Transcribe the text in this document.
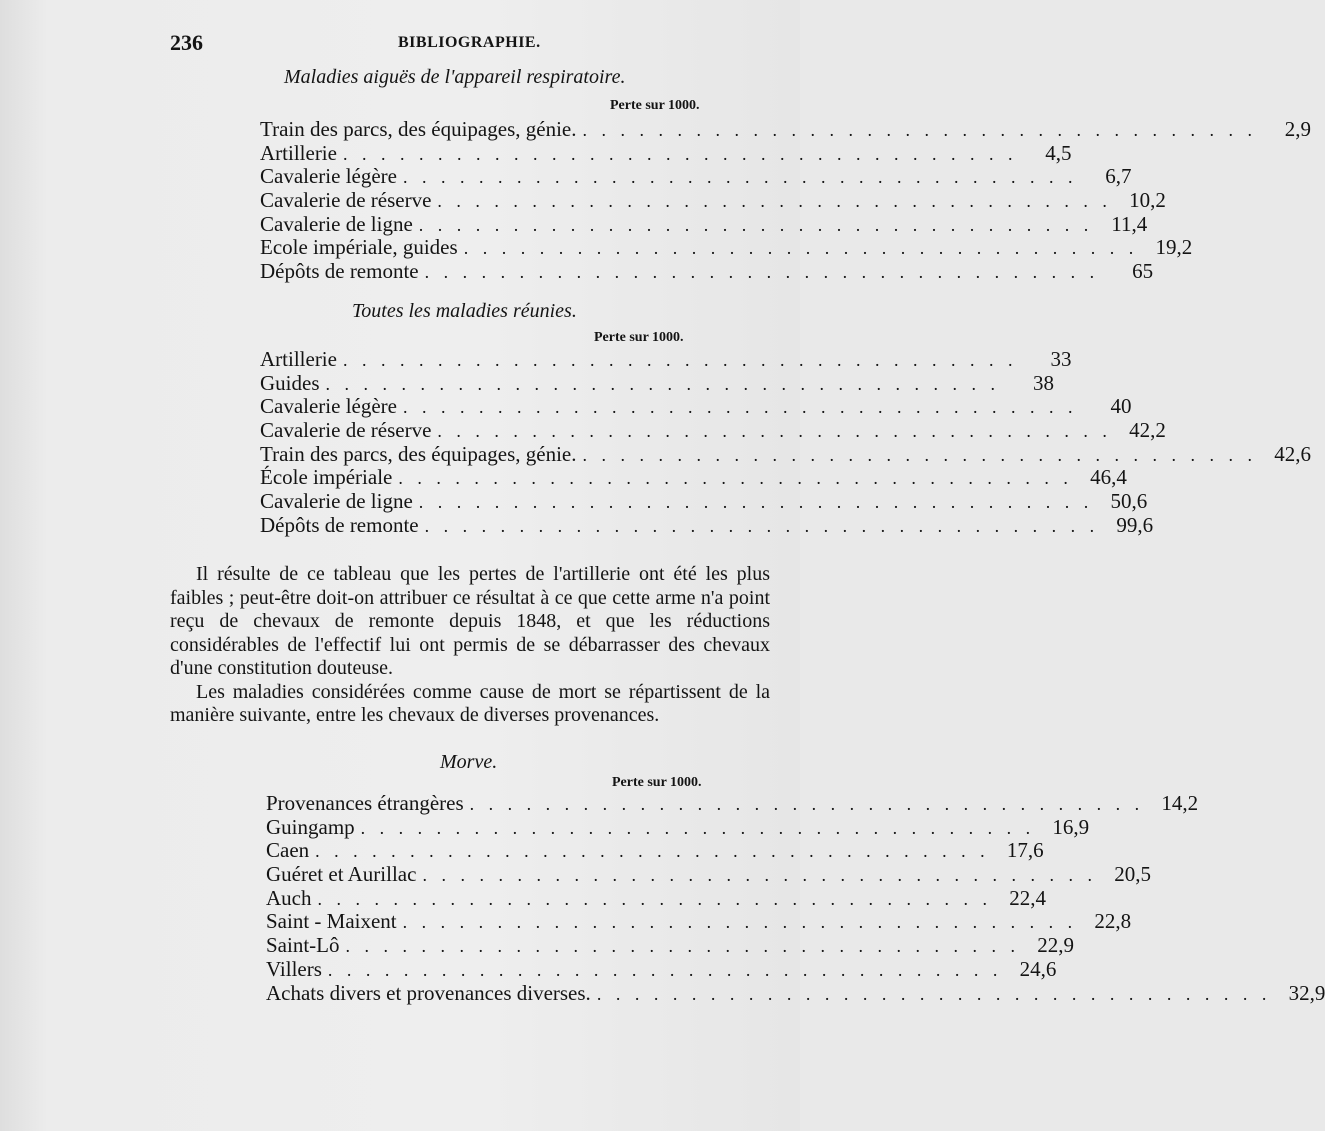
236	BIBLIOGRAPHIE.
Maladies aiguës de l'appareil respiratoire.
Perte sur 1000.
Train des parcs, des équipages, génie. . . . . . . . . . . . . . . . . . . . . . . . . . . . . . . . . . . . .	2,9
Artillerie . . . . . . . . . . . . . . . . . . . . . . . . . . . . . . . . . . . .	4,5
Cavalerie légère . . . . . . . . . . . . . . . . . . . . . . . . . . . . . . . . . . . .	6,7
Cavalerie de réserve . . . . . . . . . . . . . . . . . . . . . . . . . . . . . . . . . . . . 10,2
Cavalerie de ligne . . . . . . . . . . . . . . . . . . . . . . . . . . . . . . . . . . . . 11,4
Ecole impériale, guides . . . . . . . . . . . . . . . . . . . . . . . . . . . . . . . . . . . . 19,2
Dépôts de remonte . . . . . . . . . . . . . . . . . . . . . . . . . . . . . . . . . . . .	65
Toutes les maladies réunies.
Perte sur 1000.
Artillerie . . . . . . . . . . . . . . . . . . . . . . . . . . . . . . . . . . . .	33
Guides . . . . . . . . . . . . . . . . . . . . . . . . . . . . . . . . . . . .	38
Cavalerie légère . . . . . . . . . . . . . . . . . . . . . . . . . . . . . . . . . . . .	40
Cavalerie de réserve . . . . . . . . . . . . . . . . . . . . . . . . . . . . . . . . . . . . 42,2
Train des parcs, des équipages, génie. . . . . . . . . . . . . . . . . . . . . . . . . . . . . . . . . . . . . 42,6
École impériale . . . . . . . . . . . . . . . . . . . . . . . . . . . . . . . . . . . . 46,4
Cavalerie de ligne . . . . . . . . . . . . . . . . . . . . . . . . . . . . . . . . . . . . 50,6
Dépôts de remonte . . . . . . . . . . . . . . . . . . . . . . . . . . . . . . . . . . . . 99,6

Il résulte de ce tableau que les pertes de l'artillerie ont été les plus faibles ; peut-être doit-on attribuer ce résultat à ce que cette arme n'a point reçu de chevaux de remonte depuis 1848, et que les réductions considérables de l'effectif lui ont permis de se débarrasser des chevaux d'une constitution douteuse.

Les maladies considérées comme cause de mort se répartissent de la manière suivante, entre les chevaux de diverses provenances.

Morve.
Perte sur 1000.
Provenances étrangères . . . . . . . . . . . . . . . . . . . . . . . . . . . . . . . . . . . . 14,2
Guingamp . . . . . . . . . . . . . . . . . . . . . . . . . . . . . . . . . . . . 16,9
Caen . . . . . . . . . . . . . . . . . . . . . . . . . . . . . . . . . . . . 17,6
Guéret et Aurillac . . . . . . . . . . . . . . . . . . . . . . . . . . . . . . . . . . . . 20,5
Auch . . . . . . . . . . . . . . . . . . . . . . . . . . . . . . . . . . . . 22,4
Saint - Maixent . . . . . . . . . . . . . . . . . . . . . . . . . . . . . . . . . . . . 22,8
Saint-Lô . . . . . . . . . . . . . . . . . . . . . . . . . . . . . . . . . . . . 22,9
Villers . . . . . . . . . . . . . . . . . . . . . . . . . . . . . . . . . . . . 24,6
Achats divers et provenances diverses. . . . . . . . . . . . . . . . . . . . . . . . . . . . . . . . . . . . . 32,9
